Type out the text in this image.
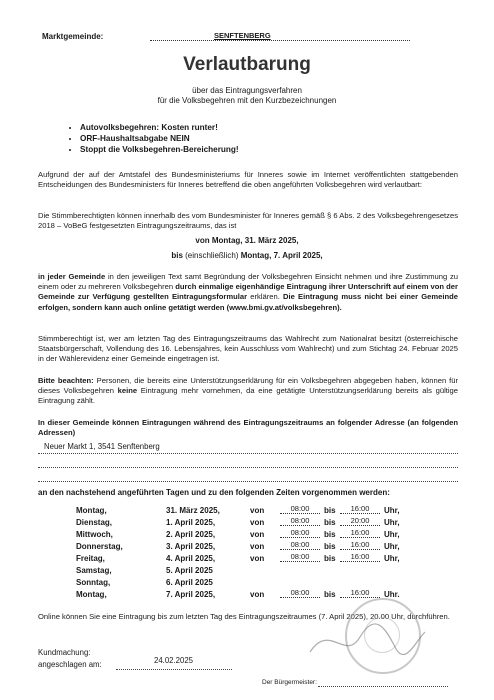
Marktgemeinde:	SENFTENBERG
Verlautbarung
über das Eintragungsverfahren
für die Volksbegehren mit den Kurzbezeichnungen
• Autovolksbegehren: Kosten runter!
• ORF-Haushaltsabgabe NEIN
• Stoppt die Volksbegehren-Bereicherung!
Aufgrund der auf der Amtstafel des Bundesministeriums für Inneres sowie im Internet veröffentlichten stattgebenden Entscheidungen des Bundesministers für Inneres betreffend die oben angeführten Volksbegehren wird verlautbart:
Die Stimmberechtigten können innerhalb des vom Bundesminister für Inneres gemäß § 6 Abs. 2 des Volksbegehrengesetzes 2018 – VoBeG festgesetzten Eintragungszeitraums, das ist
von Montag, 31. März 2025,
bis (einschließlich) Montag, 7. April 2025,
in jeder Gemeinde in den jeweiligen Text samt Begründung der Volksbegehren Einsicht nehmen und ihre Zustimmung zu einem oder zu mehreren Volksbegehren durch einmalige eigenhändige Eintragung ihrer Unterschrift auf einem von der Gemeinde zur Verfügung gestellten Eintragungsformular erklären. Die Eintragung muss nicht bei einer Gemeinde erfolgen, sondern kann auch online getätigt werden (www.bmi.gv.at/volksbegehren).
Stimmberechtigt ist, wer am letzten Tag des Eintragungszeitraums das Wahlrecht zum Nationalrat besitzt (österreichische Staatsbürgerschaft, Vollendung des 16. Lebensjahres, kein Ausschluss vom Wahlrecht) und zum Stichtag 24. Februar 2025 in der Wählerevidenz einer Gemeinde eingetragen ist.
Bitte beachten: Personen, die bereits eine Unterstützungserklärung für ein Volksbegehren abgegeben haben, können für dieses Volksbegehren keine Eintragung mehr vornehmen, da eine getätigte Unterstützungserklärung bereits als gültige Eintragung zählt.
In dieser Gemeinde können Eintragungen während des Eintragungszeitraums an folgender Adresse (an folgenden Adressen)
Neuer Markt 1, 3541 Senftenberg
an den nachstehend angeführten Tagen und zu den folgenden Zeiten vorgenommen werden:
Montag,	31. März 2025,	von	08:00	bis	16:00	Uhr,
Dienstag,	1. April 2025,	von	08:00	bis	20:00	Uhr,
Mittwoch,	2. April 2025,	von	08:00	bis	16:00	Uhr,
Donnerstag,	3. April 2025,	von	08:00	bis	16:00	Uhr,
Freitag,	4. April 2025,	von	08:00	bis	16:00	Uhr,
Samstag,	5. April 2025
Sonntag,	6. April 2025
Montag,	7. April 2025,	von	08:00	bis	16:00	Uhr.
Online können Sie eine Eintragung bis zum letzten Tag des Eintragungszeitraumes (7. April 2025), 20.00 Uhr, durchführen.
Kundmachung:
angeschlagen am:	24.02.2025
Der Bürgermeister:
